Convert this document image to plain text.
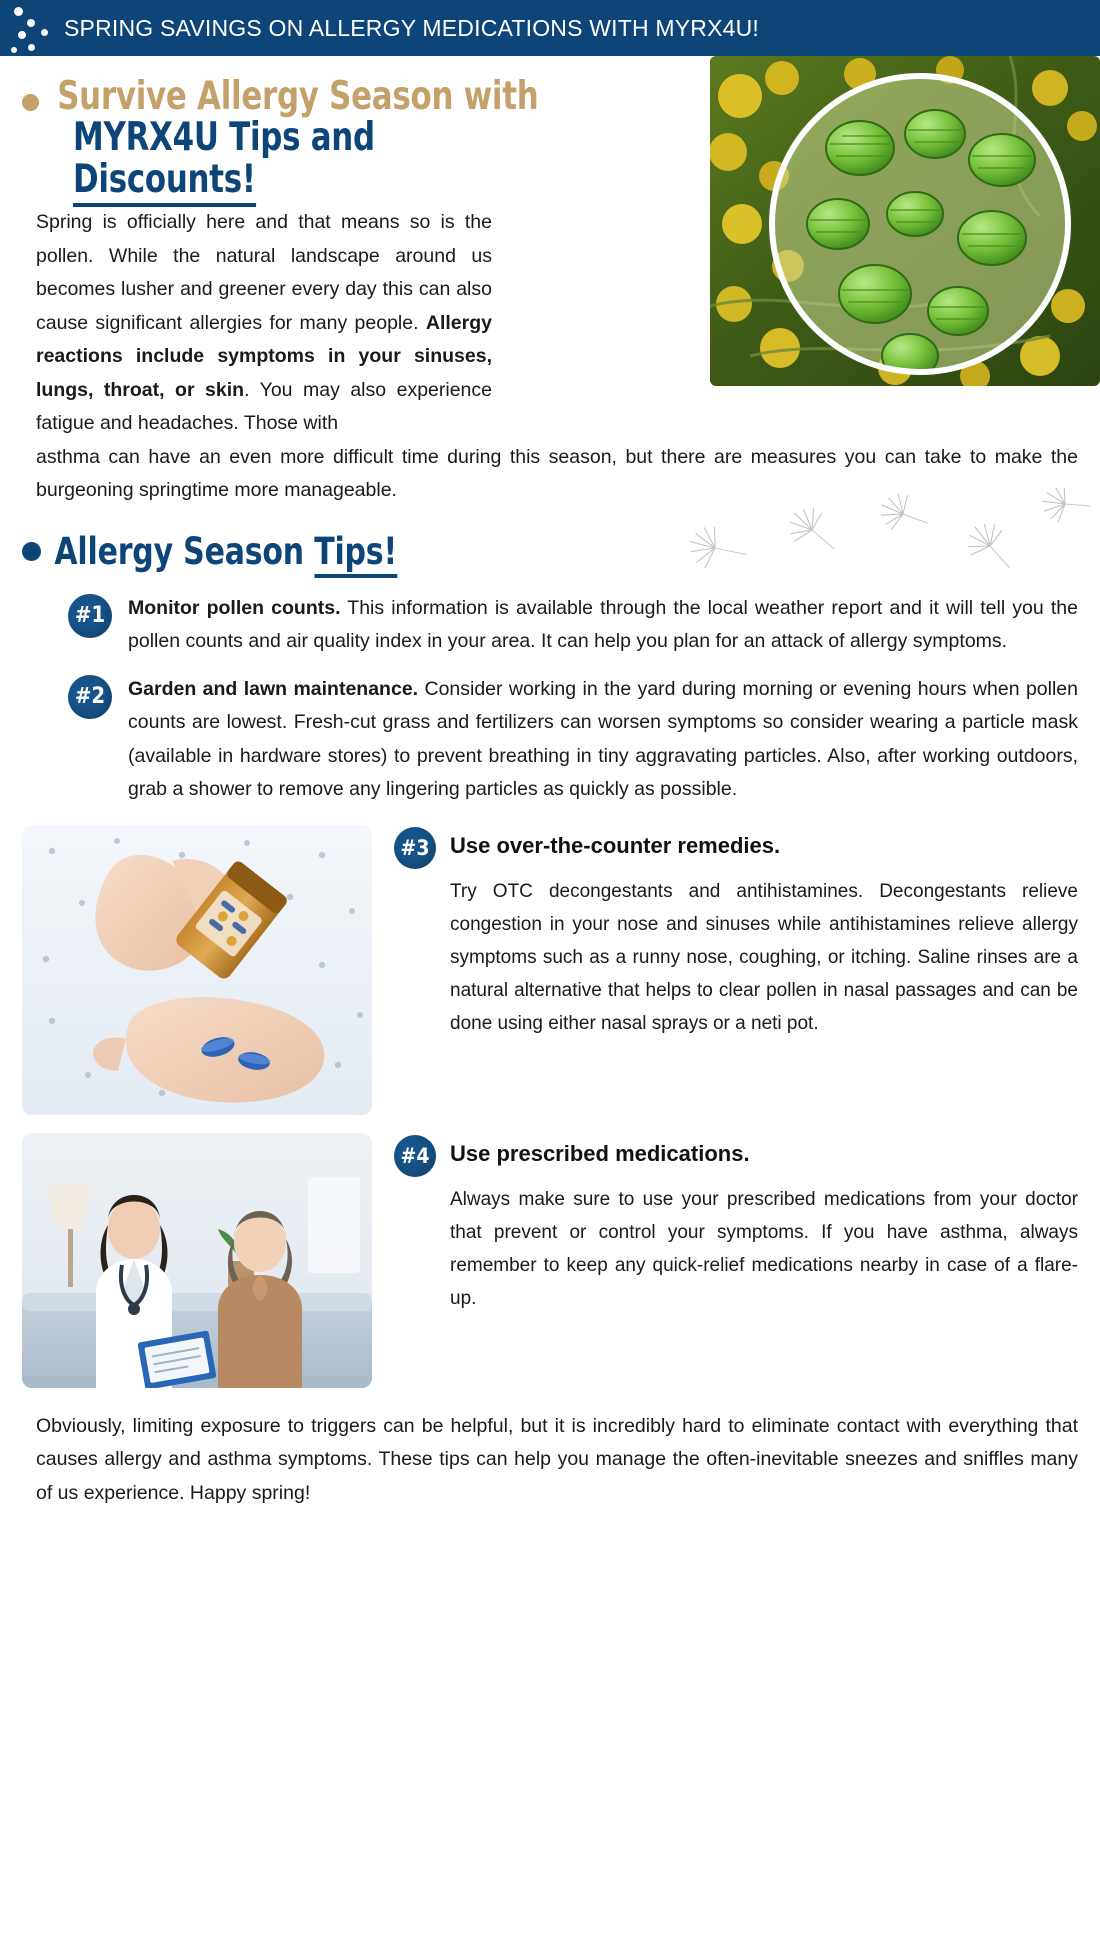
SPRING SAVINGS ON ALLERGY MEDICATIONS WITH MYRX4U!
Survive Allergy Season with
MYRX4U Tips and Discounts!

Spring is officially here and that means so is the pollen. While the natural landscape around us becomes lusher and greener every day this can also cause significant allergies for many people. Allergy reactions include symptoms in your sinuses, lungs, throat, or skin. You may also experience fatigue and headaches. Those with

asthma can have an even more difficult time during this season, but there are measures you can take to make the burgeoning springtime more manageable.

Allergy Season Tips!
#1	Monitor pollen counts. This information is available through the local weather report and it will tell you the pollen counts and air quality index in your area. It can help you plan for an attack of allergy symptoms.
#2	Garden and lawn maintenance. Consider working in the yard during morning or evening hours when pollen counts are lowest. Fresh-cut grass and fertilizers can worsen symptoms so consider wearing a particle mask (available in hardware stores) to prevent breathing in tiny aggravating particles. Also, after working outdoors, grab a shower to remove any lingering particles as quickly as possible.
#3 Use over-the-counter remedies.
Try OTC decongestants and antihistamines. Decongestants relieve congestion in your nose and sinuses while antihistamines relieve allergy symptoms such as a runny nose, coughing, or itching. Saline rinses are a natural alternative that helps to clear pollen in nasal passages and can be done using either nasal sprays or a neti pot.
#4 Use prescribed medications.
Always make sure to use your prescribed medications from your doctor that prevent or control your symptoms. If you have asthma, always remember to keep any quick-relief medications nearby in case of a flare-up.

Obviously, limiting exposure to triggers can be helpful, but it is incredibly hard to eliminate contact with everything that causes allergy and asthma symptoms. These tips can help you manage the often-inevitable sneezes and sniffles many of us experience. Happy spring!
